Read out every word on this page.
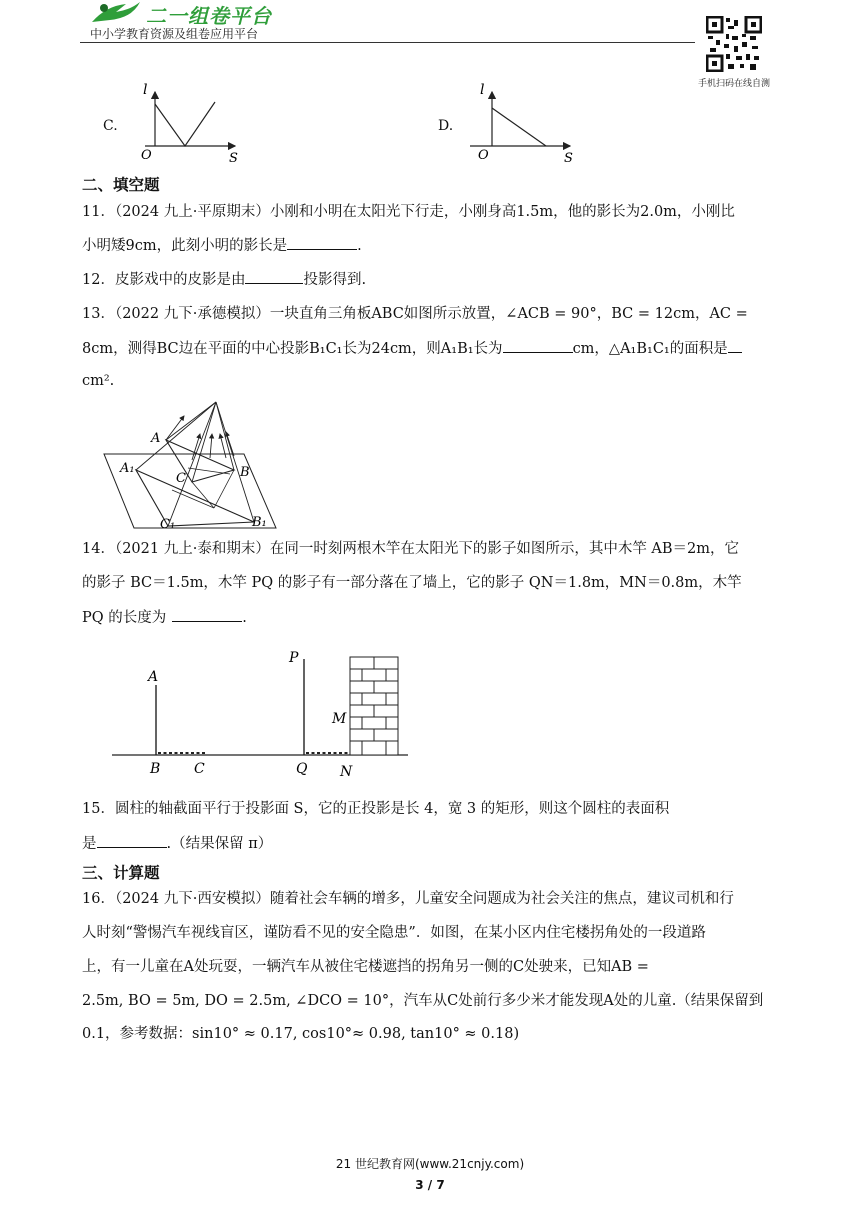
二一组卷平台
中小学教育资源及组卷应用平台
手机扫码在线自测
C.
l
O	S
D.
l
O	S
二、填空题
11．（2024 九上·平原期末）小刚和小明在太阳光下行走，小刚身高1.5m，他的影长为2.0m，小刚比
小明矮9cm，此刻小明的影长是	.
12．皮影戏中的皮影是由	投影得到.
13．（2022 九下·承德模拟）一块直角三角板ABC如图所示放置，∠ACB = 90°，BC = 12cm，AC =
8cm，测得BC边在平面的中心投影B₁C₁长为24cm，则A₁B₁长为	cm，△A₁B₁C₁的面积是
cm².
A
A₁	B
B₁
C
C₁
14．（2021 九上·泰和期末）在同一时刻两根木竿在太阳光下的影子如图所示，其中木竿 AB＝2m，它
的影子 BC＝1.5m，木竿 PQ 的影子有一部分落在了墙上，它的影子 QN＝1.8m，MN＝0.8m，木竿
PQ 的长度为	.
A
B C
P
Q
M
N
15．圆柱的轴截面平行于投影面 S，它的正投影是长 4，宽 3 的矩形，则这个圆柱的表面积
是	.（结果保留 π）
三、计算题
16．（2024 九下·西安模拟）随着社会车辆的增多，儿童安全问题成为社会关注的焦点，建议司机和行
人时刻“警惕汽车视线盲区，谨防看不见的安全隐患”．如图，在某小区内住宅楼拐角处的一段道路
上，有一儿童在A处玩耍，一辆汽车从被住宅楼遮挡的拐角另一侧的C处驶来，已知AB =
2.5m, BO = 5m, DO = 2.5m, ∠DCO = 10°，汽车从C处前行多少米才能发现A处的儿童.（结果保留到
0.1，参考数据：sin10° ≈ 0.17, cos10°≈ 0.98, tan10° ≈ 0.18)
21 世纪教育网(www.21cnjy.com)
3 / 7
